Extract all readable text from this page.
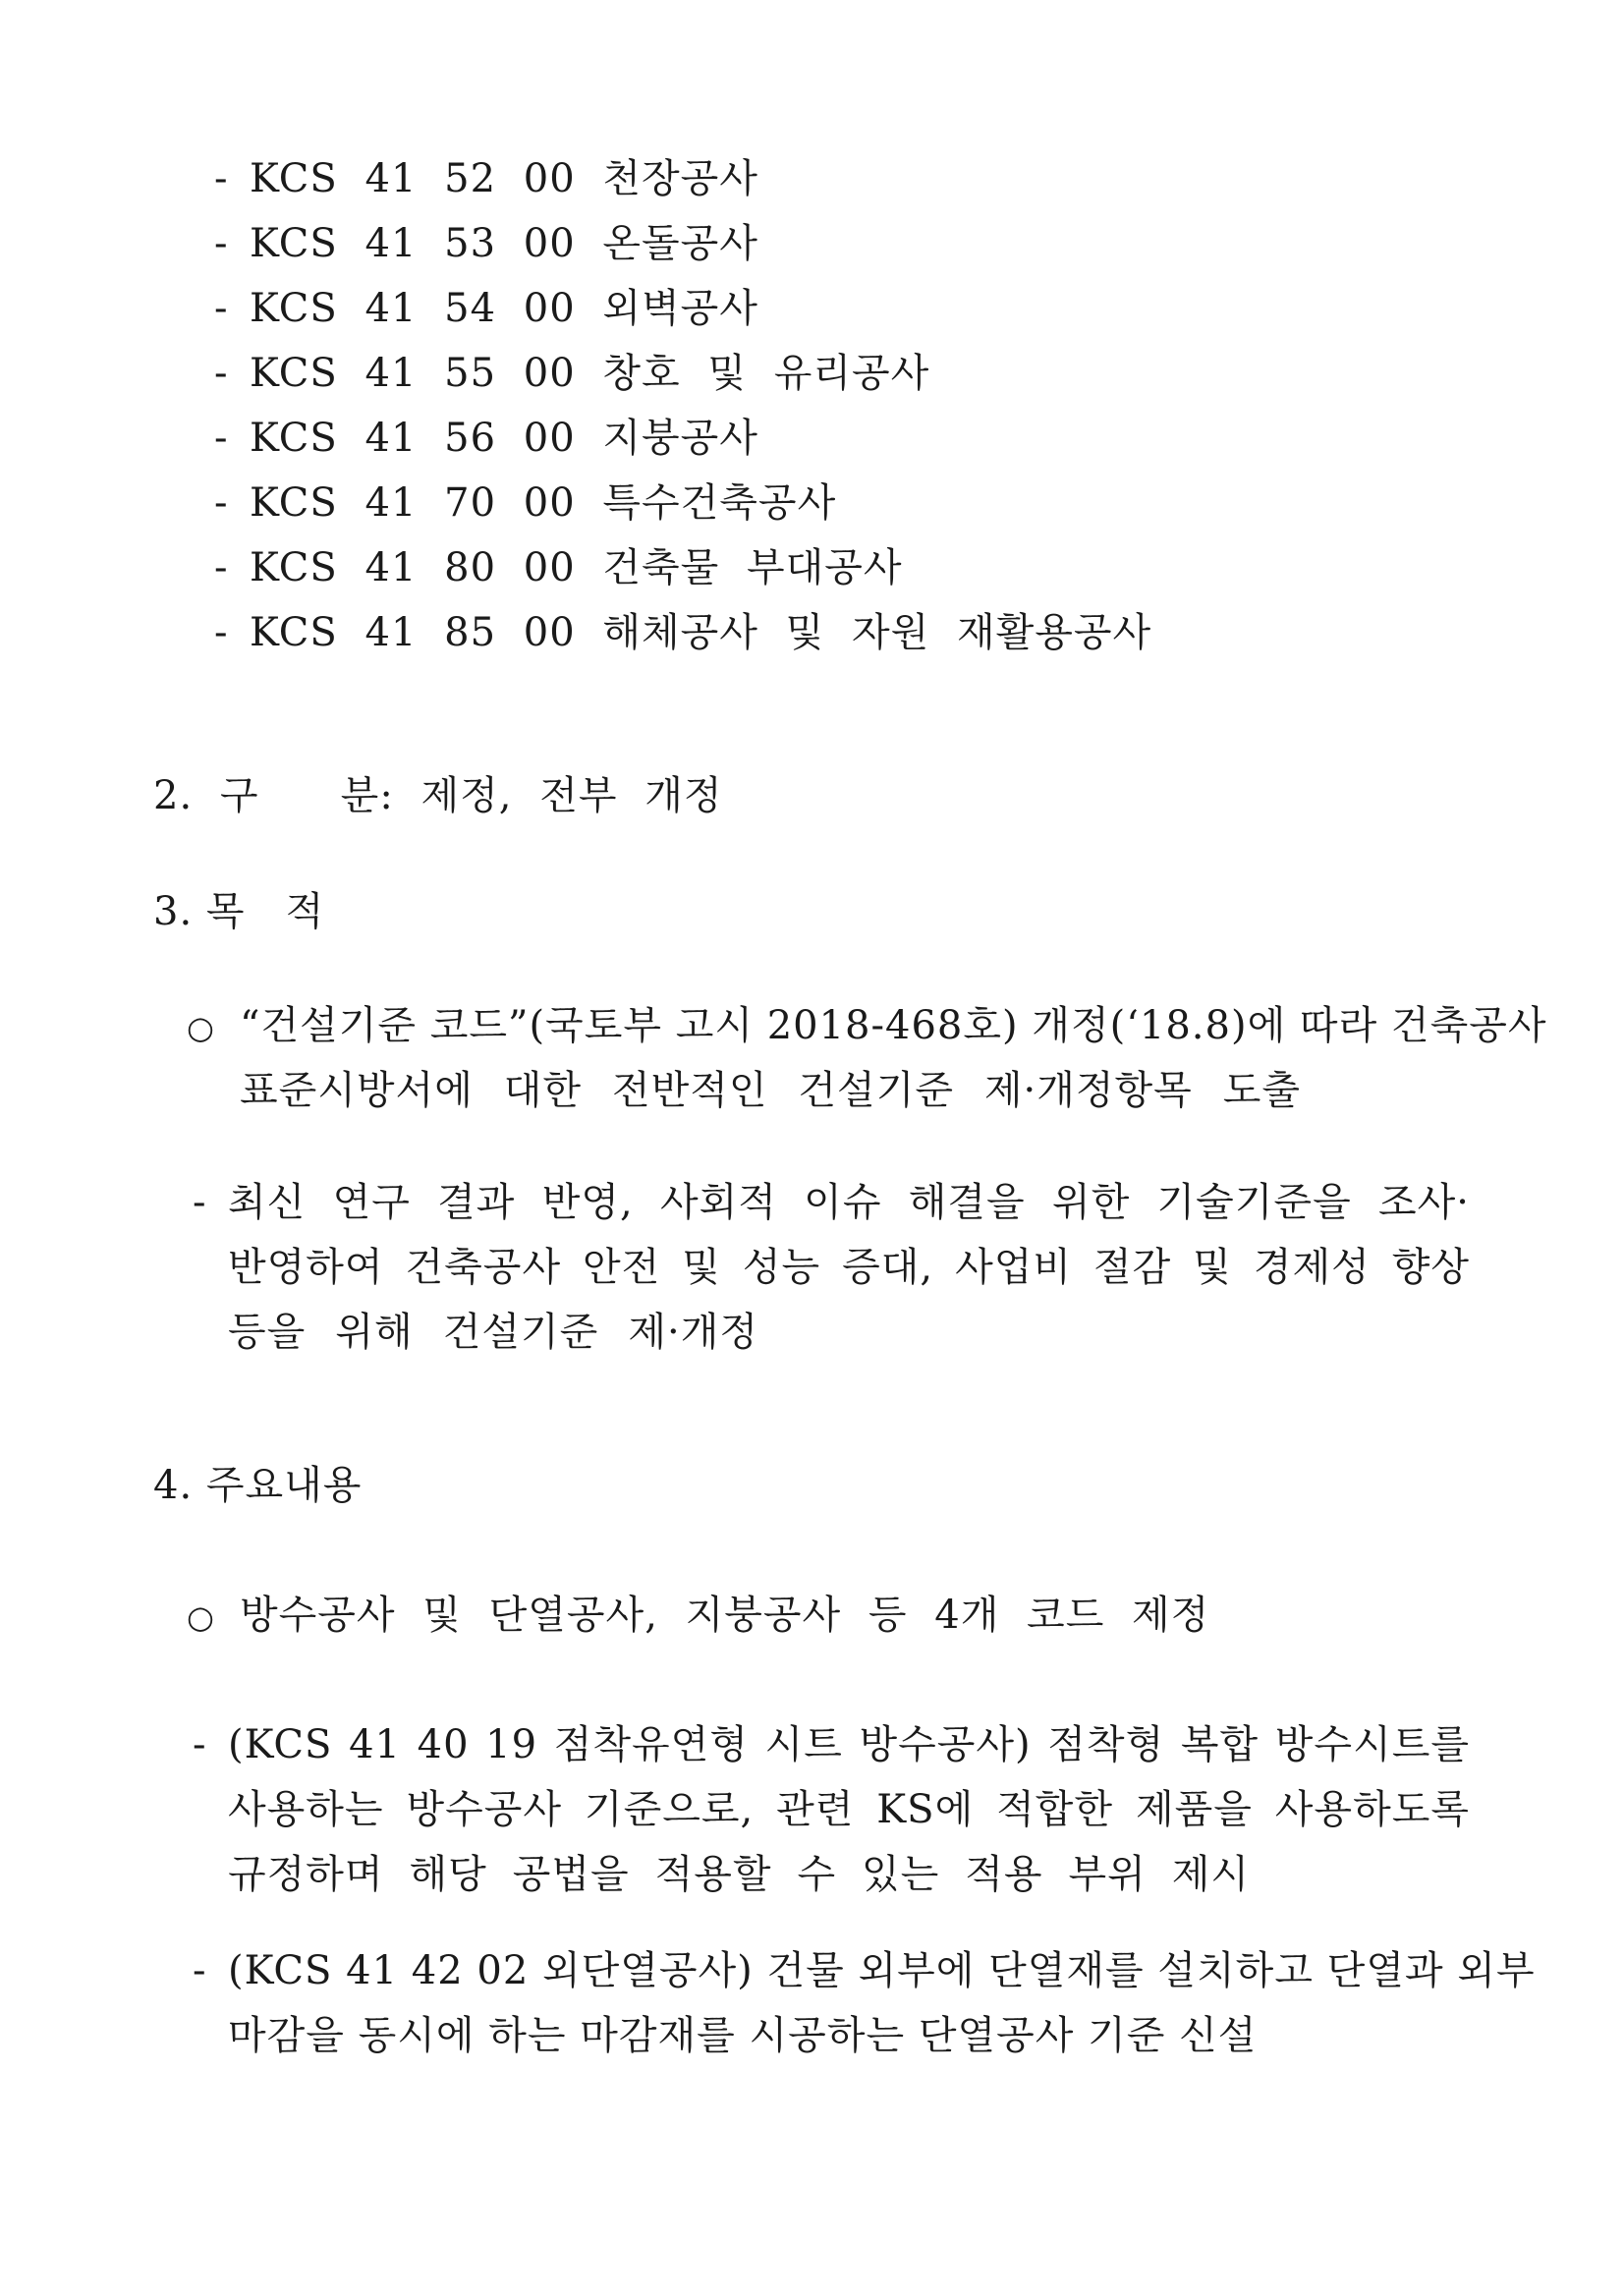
- KCS 41 52 00 천장공사
- KCS 41 53 00 온돌공사
- KCS 41 54 00 외벽공사
- KCS 41 55 00 창호 및 유리공사
- KCS 41 56 00 지붕공사
- KCS 41 70 00 특수건축공사
- KCS 41 80 00 건축물 부대공사
- KCS 41 85 00 해체공사 및 자원 재활용공사
2. 구   분: 제정, 전부 개정
3. 목   적
○ “건설기준 코드”(국토부 고시 2018-468호) 개정(‘18.8)에 따라 건축공사
표준시방서에 대한 전반적인 건설기준 제·개정항목 도출
- 최신 연구 결과 반영, 사회적 이슈 해결을 위한 기술기준을 조사·
반영하여 건축공사 안전 및 성능 증대, 사업비 절감 및 경제성 향상
등을 위해 건설기준 제·개정
4. 주요내용
○ 방수공사 및 단열공사, 지붕공사 등 4개 코드 제정
- (KCS 41 40 19 점착유연형 시트 방수공사) 점착형 복합 방수시트를
사용하는 방수공사 기준으로, 관련 KS에 적합한 제품을 사용하도록
규정하며 해당 공법을 적용할 수 있는 적용 부위 제시
- (KCS 41 42 02 외단열공사) 건물 외부에 단열재를 설치하고 단열과 외부
마감을 동시에 하는 마감재를 시공하는 단열공사 기준 신설
